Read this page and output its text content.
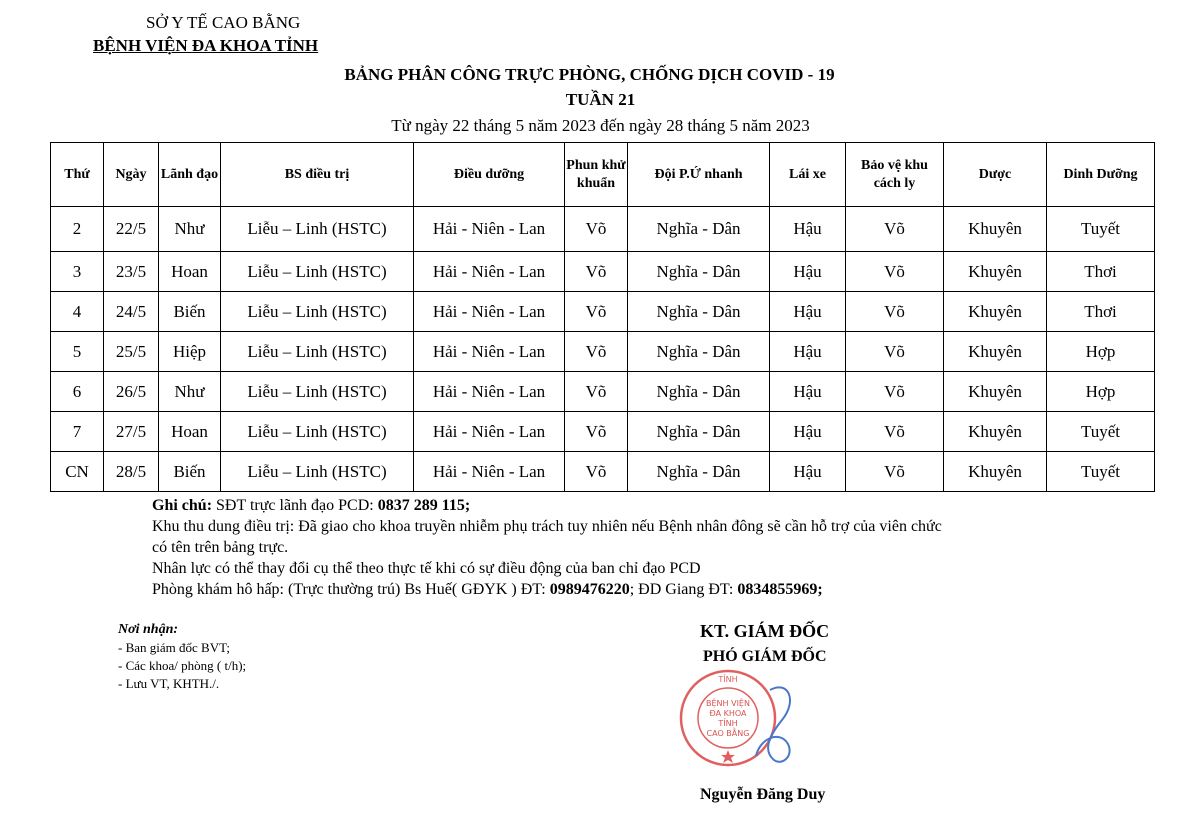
SỞ Y TẾ CAO BẰNG
BỆNH VIỆN ĐA KHOA TỈNH
BẢNG PHÂN CÔNG TRỰC PHÒNG, CHỐNG DỊCH COVID - 19
TUẦN 21
Từ ngày 22 tháng 5 năm 2023 đến ngày 28 tháng 5 năm 2023
Thứ	Ngày	Lãnh đạo	BS điều trị	Điều dưỡng	Phun khử khuẩn	Đội P.Ứ nhanh	Lái xe	Bảo vệ khu cách ly	Dược	Dinh Dưỡng
2	22/5	Như	Liễu – Linh (HSTC)	Hải - Niên - Lan	Võ	Nghĩa - Dân	Hậu	Võ	Khuyên	Tuyết
3	23/5	Hoan	Liễu – Linh (HSTC)	Hải - Niên - Lan	Võ	Nghĩa - Dân	Hậu	Võ	Khuyên	Thơi
4	24/5	Biến	Liễu – Linh (HSTC)	Hải - Niên - Lan	Võ	Nghĩa - Dân	Hậu	Võ	Khuyên	Thơi
5	25/5	Hiệp	Liễu – Linh (HSTC)	Hải - Niên - Lan	Võ	Nghĩa - Dân	Hậu	Võ	Khuyên	Hợp
6	26/5	Như	Liễu – Linh (HSTC)	Hải - Niên - Lan	Võ	Nghĩa - Dân	Hậu	Võ	Khuyên	Hợp
7	27/5	Hoan	Liễu – Linh (HSTC)	Hải - Niên - Lan	Võ	Nghĩa - Dân	Hậu	Võ	Khuyên	Tuyết
CN	28/5	Biến	Liễu – Linh (HSTC)	Hải - Niên - Lan	Võ	Nghĩa - Dân	Hậu	Võ	Khuyên	Tuyết
Ghi chú: SĐT trực lãnh đạo PCD: 0837 289 115;
Khu thu dung điều trị: Đã giao cho khoa truyền nhiễm phụ trách tuy nhiên nếu Bệnh nhân đông sẽ cần hỗ trợ của viên chức
có tên trên bảng trực.
Nhân lực có thể thay đổi cụ thể theo thực tế khi có sự điều động của ban chỉ đạo PCD
Phòng khám hô hấp: (Trực thường trú) Bs Huế( GĐYK ) ĐT: 0989476220; ĐD Giang ĐT: 0834855969;
Nơi nhận:
- Ban giám đốc BVT;
- Các khoa/ phòng ( t/h);
- Lưu VT, KHTH./.
KT. GIÁM ĐỐC
PHÓ GIÁM ĐỐC
TỈNH
BỆNH VIỆN
ĐA KHOA
TỈNH
CAO BẰNG
Nguyễn Đăng Duy
